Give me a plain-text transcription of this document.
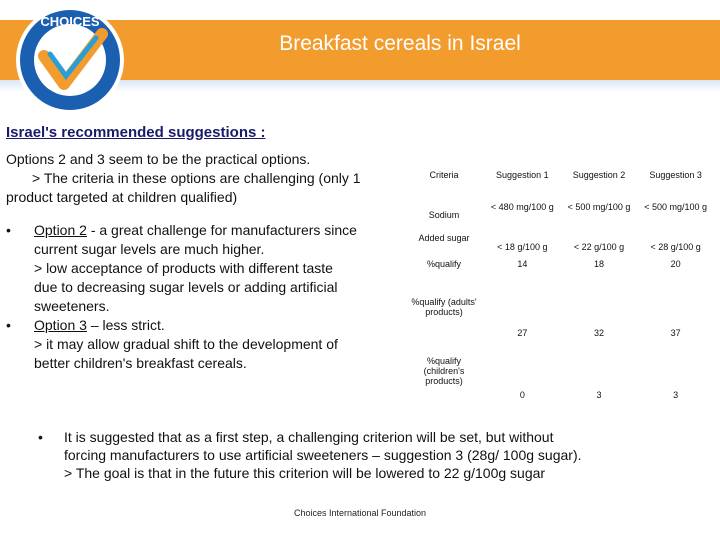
CHOICES
Breakfast cereals in Israel
Israel's recommended suggestions :
Options 2 and 3 seem to be the practical options.
> The criteria in these options are challenging (only 1
product targeted at children qualified)
• Option 2 - a great challenge for manufacturers since
current sugar levels are much higher.
> low acceptance of products with different taste
due to decreasing sugar levels or adding artificial
sweeteners.
• Option 3 – less strict.
> it may allow gradual shift to the development of
better children's breakfast cereals.
Criteria	Suggestion 1	Suggestion 2	Suggestion 3
Sodium	< 480 mg/100 g	< 500 mg/100 g	< 500 mg/100 g
Added sugar	< 18 g/100 g	< 22 g/100 g	< 28 g/100 g
%qualify	14	18	20
%qualify (adults' products)	27	32	37
%qualify (children's products)	0	3	3
• It is suggested that as a first step, a challenging criterion will be set, but without
forcing manufacturers to use artificial sweeteners – suggestion 3 (28g/ 100g sugar).
> The goal is that in the future this criterion will be lowered to 22 g/100g sugar
Choices International Foundation
